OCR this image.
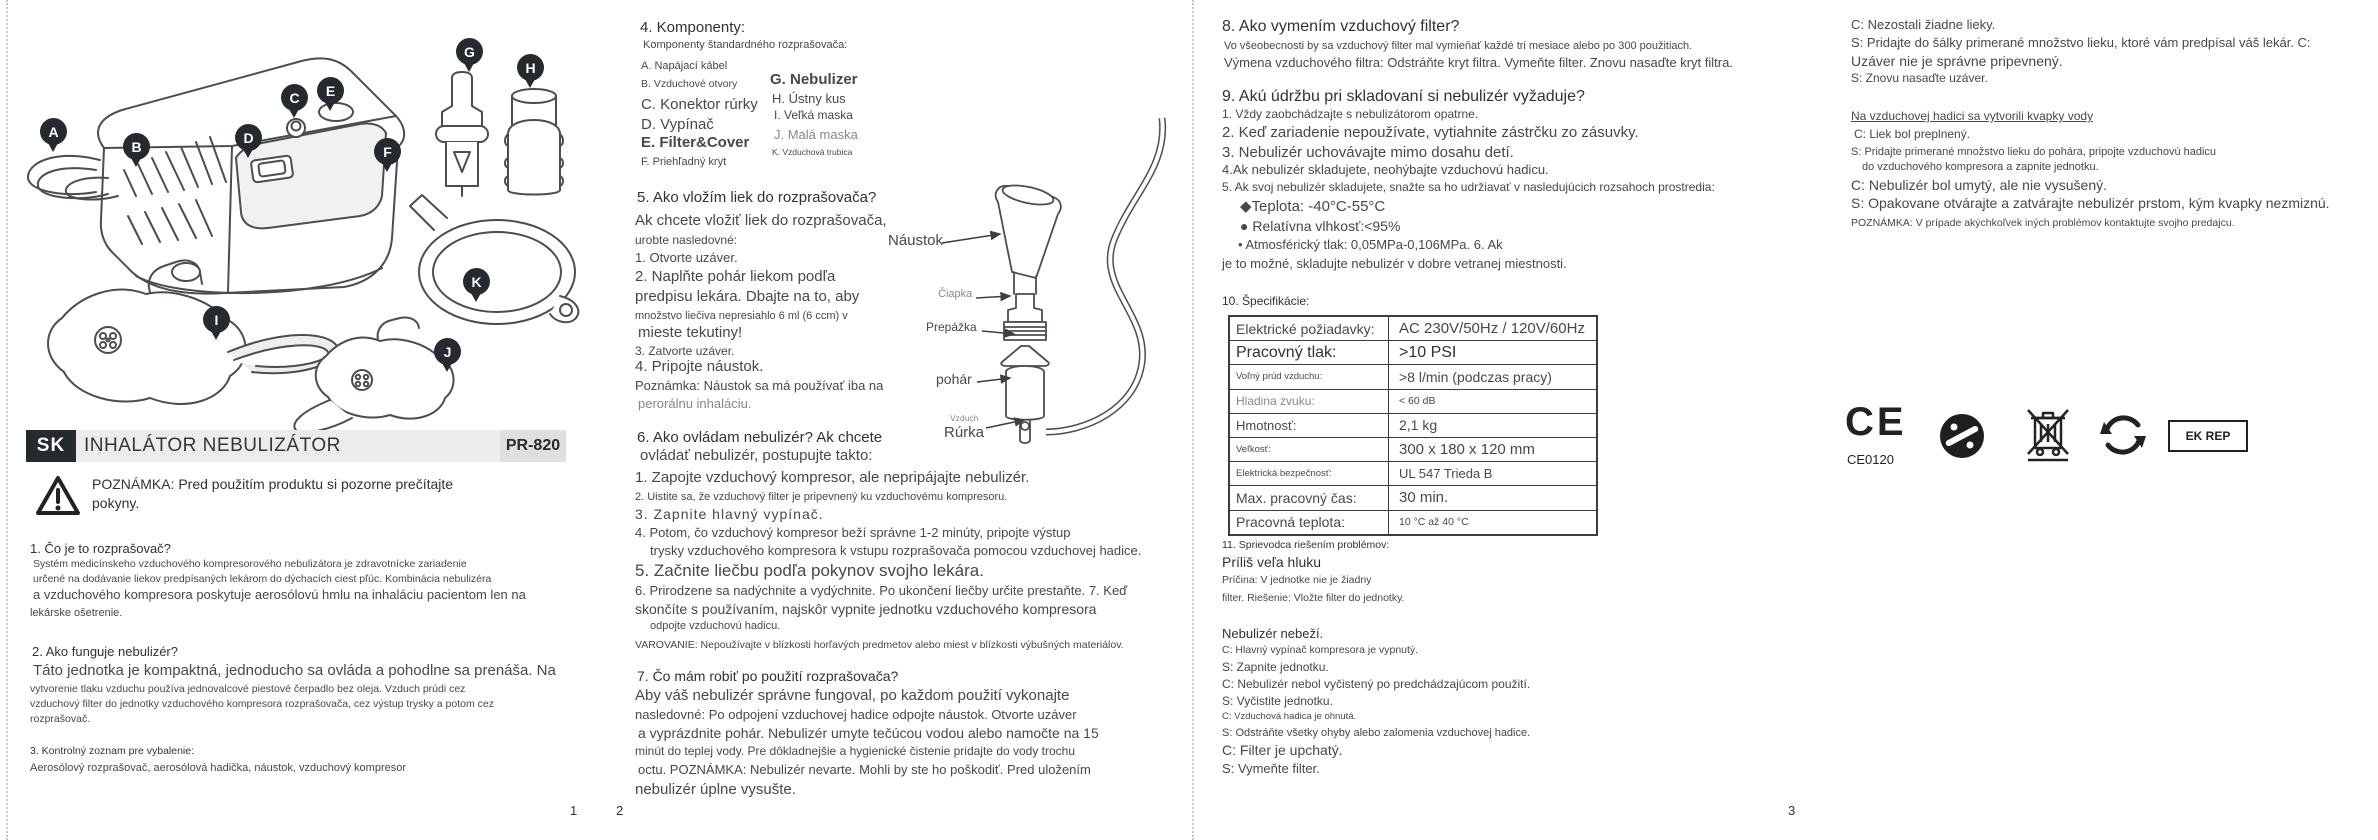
A
B
C
D
E
F
G
H
I
J
K
SK INHALÁTOR NEBULIZÁTOR	PR-820
POZNÁMKA: Pred použitím produktu si pozorne prečítajte
pokyny.
1. Čo je to rozprašovač?
Systém medicínskeho vzduchového kompresorového nebulizátora je zdravotnícke zariadenie
určené na dodávanie liekov predpísaných lekárom do dýchacích ciest pľúc. Kombinácia nebulizéra
a vzduchového kompresora poskytuje aerosólovú hmlu na inhaláciu pacientom len na
lekárske ošetrenie.
2. Ako funguje nebulizér?
Táto jednotka je kompaktná, jednoducho sa ovláda a pohodlne sa prenáša. Na
vytvorenie tlaku vzduchu používa jednovalcové piestové čerpadlo bez oleja. Vzduch prúdi cez
vzduchový filter do jednotky vzduchového kompresora rozprašovača, cez výstup trysky a potom cez
rozprašovač.
3. Kontrolný zoznam pre vybalenie:
Aerosólový rozprašovač, aerosólová hadička, náustok, vzduchový kompresor
4. Komponenty:
Komponenty štandardného rozprašovača:
A. Napájací kábel
B. Vzduchové otvory
C. Konektor rúrky
D. Vypínač
E. Filter&Cover
F. Priehľadný kryt
G. Nebulizer
H. Ústny kus
I. Veľká maska
J. Malá maska
K. Vzduchová trubica
5. Ako vložím liek do rozprašovača?
Ak chcete vložiť liek do rozprašovača,
urobte nasledovné:
1. Otvorte uzáver.
2. Naplňte pohár liekom podľa
predpisu lekára. Dbajte na to, aby
množstvo liečiva nepresiahlo 6 ml (6 ccm) v
mieste tekutiny!
3. Zatvorte uzáver.
4. Pripojte náustok.
Poznámka: Náustok sa má používať iba na
perorálnu inhaláciu.
6. Ako ovládam nebulizér? Ak chcete
ovládať nebulizér, postupujte takto:
1. Zapojte vzduchový kompresor, ale nepripájajte nebulizér.
2. Uistite sa, že vzduchový filter je pripevnený ku vzduchovému kompresoru.
3. Zapnite hlavný vypínač.
4. Potom, čo vzduchový kompresor beží správne 1-2 minúty, pripojte výstup
trysky vzduchového kompresora k vstupu rozprašovača pomocou vzduchovej hadice.
5. Začnite liečbu podľa pokynov svojho lekára.
6. Prirodzene sa nadýchnite a vydýchnite. Po ukončení liečby určite prestaňte. 7. Keď
skončíte s používaním, najskôr vypnite jednotku vzduchového kompresora
odpojte vzduchovú hadicu.
VAROVANIE: Nepoužívajte v blízkosti horľavých predmetov alebo miest v blízkosti výbušných materiálov.
7. Čo mám robiť po použití rozprašovača?
Aby váš nebulizér správne fungoval, po každom použití vykonajte
nasledovné: Po odpojení vzduchovej hadice odpojte náustok. Otvorte uzáver
a vyprázdnite pohár. Nebulizér umyte tečúcou vodou alebo namočte na 15
minút do teplej vody. Pre dôkladnejšie a hygienické čistenie pridajte do vody trochu
octu. POZNÁMKA: Nebulizér nevarte. Mohli by ste ho poškodiť. Pred uložením
nebulizér úplne vysušte.
Náustok
Čiapka
Prepážka
pohár
Vzduch
Rúrka
8. Ako vymením vzduchový filter?
Vo všeobecnosti by sa vzduchový filter mal vymieňať každé tri mesiace alebo po 300 použitiach.
Výmena vzduchového filtra: Odstráňte kryt filtra. Vymeňte filter. Znovu nasaďte kryt filtra.
9. Akú údržbu pri skladovaní si nebulizér vyžaduje?
1. Vždy zaobchádzajte s nebulizátorom opatrne.
2. Keď zariadenie nepoužívate, vytiahnite zástrčku zo zásuvky.
3. Nebulizér uchovávajte mimo dosahu detí.
4.Ak nebulizér skladujete, neohýbajte vzduchovú hadicu.
5. Ak svoj nebulizér skladujete, snažte sa ho udržiavať v nasledujúcich rozsahoch prostredia:
◆Teplota: -40°C-55°C
● Relatívna vlhkosť:<95%
• Atmosférický tlak: 0,05MPa-0,106MPa. 6. Ak
je to možné, skladujte nebulizér v dobre vetranej miestnosti.
10. Špecifikácie:
Elektrické požiadavky:	AC 230V/50Hz / 120V/60Hz
Pracovný tlak:	>10 PSI
Voľný prúd vzduchu:	>8 l/min (podczas pracy)
Hladina zvuku:	< 60 dB
Hmotnosť:	2,1 kg
Veľkosť:	300 x 180 x 120 mm
Elektrická bezpečnosť:	UL 547 Trieda B
Max. pracovný čas:	30 min.
Pracovná teplota:	10 °C až 40 °C
11. Sprievodca riešením problémov:
Príliš veľa hluku
Príčina: V jednotke nie je žiadny
filter. Riešenie: Vložte filter do jednotky.
Nebulizér nebeží.
C: Hlavný vypínač kompresora je vypnutý.
S: Zapnite jednotku.
C: Nebulizér nebol vyčistený po predchádzajúcom použití.
S: Vyčistite jednotku.
C: Vzduchová hadica je ohnutá.
S: Odstráňte všetky ohyby alebo zalomenia vzduchovej hadice.
C: Filter je upchatý.
S: Vymeňte filter.
C: Nezostali žiadne lieky.
S: Pridajte do šálky primerané množstvo lieku, ktoré vám predpísal váš lekár. C:
Uzáver nie je správne pripevnený.
S: Znovu nasaďte uzáver.
Na vzduchovej hadici sa vytvorili kvapky vody
C: Liek bol preplnený.
S: Pridajte primerané množstvo lieku do pohára, pripojte vzduchovú hadicu
do vzduchového kompresora a zapnite jednotku.
C: Nebulizér bol umytý, ale nie vysušený.
S: Opakovane otvárajte a zatvárajte nebulizér prstom, kým kvapky nezmiznú.
POZNÁMKA: V prípade akýchkoľvek iných problémov kontaktujte svojho predajcu.
CE
CE0120
EK REP
1	2	3
